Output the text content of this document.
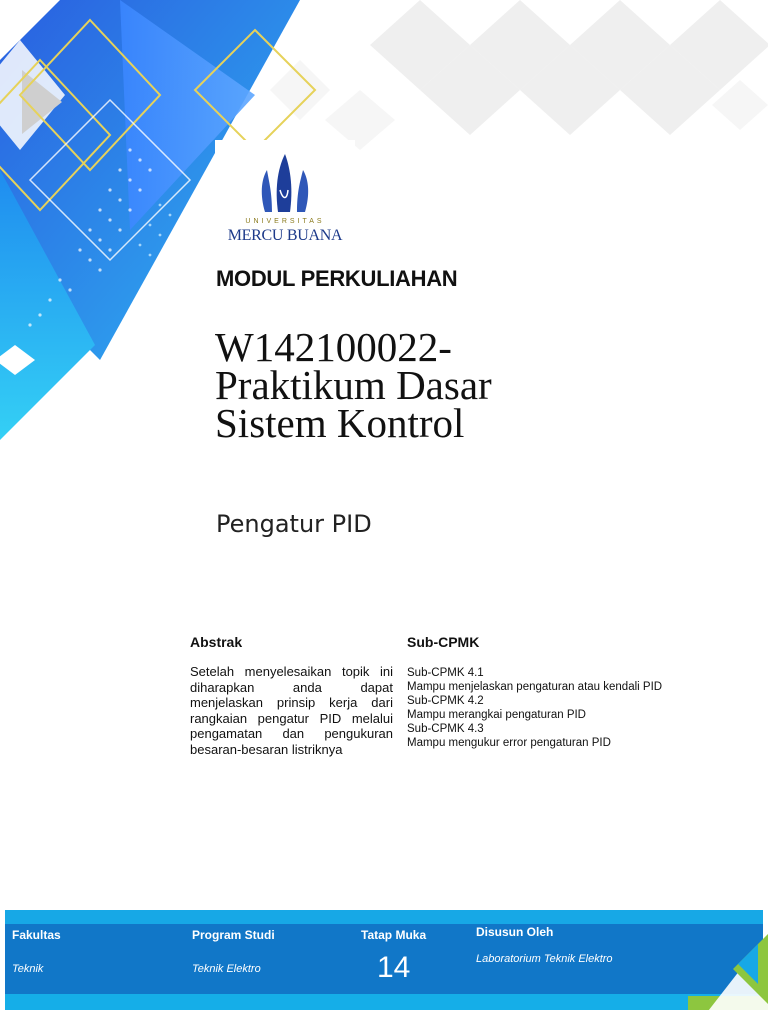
UNIVERSITAS
MERCU BUANA
MODUL PERKULIAHAN
W142100022-
Praktikum Dasar
Sistem Kontrol
Pengatur PID
Abstrak	Sub-CPMK
Setelah menyelesaikan topik ini diharapkan anda dapat menjelaskan prinsip kerja dari rangkaian pengatur PID melalui pengamatan dan pengukuran besaran-besaran listriknya
Sub-CPMK 4.1
Mampu menjelaskan pengaturan atau kendali PID
Sub-CPMK 4.2
Mampu merangkai pengaturan PID
Sub-CPMK 4.3
Mampu mengukur error pengaturan PID
Fakultas
Teknik
Program Studi
Teknik Elektro
Tatap Muka
14
Disusun Oleh
Laboratorium Teknik Elektro
